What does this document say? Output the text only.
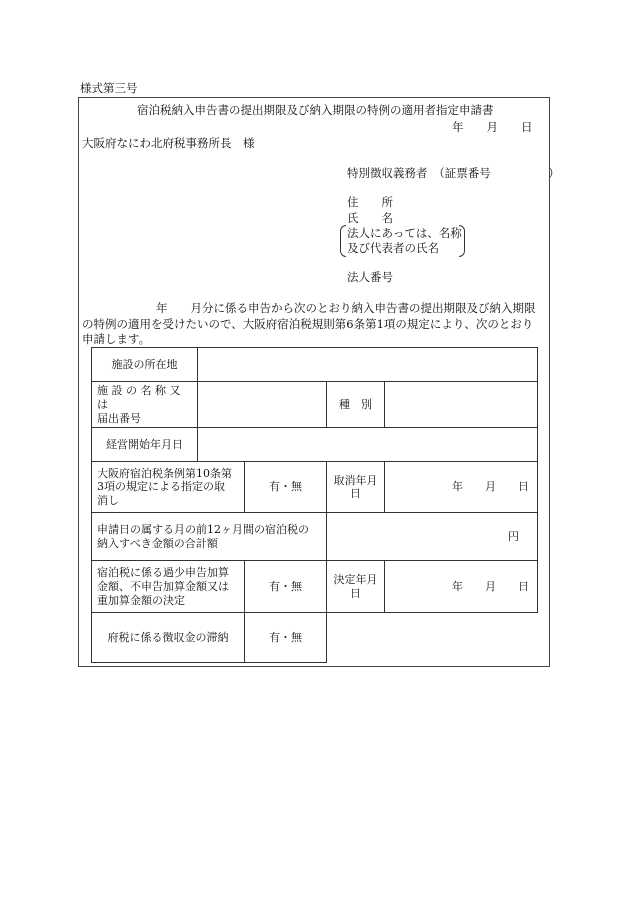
様式第三号
宿泊税納入申告書の提出期限及び納入期限の特例の適用者指定申請書
年　　月　　日
大阪府なにわ北府税事務所長　様
特別徴収義務者　（証票番号　　　　　）
住　　所
氏　　名
法人にあっては、名称
及び代表者の氏名
法人番号
年　　月分に係る申告から次のとおり納入申告書の提出期限及び納入期限
の特例の適用を受けたいので、大阪府宿泊税規則第6条第1項の規定により、次のとおり
申請します。
施設の所在地				

施 設 の 名 称 又 は
届出番号			種　別	
経営開始年月日				

大阪府宿泊税条例第10条第
3項の規定による指定の取
消し		有・無	取消年月日	年　　月　　日

申請日の属する月の前12ヶ月間の宿泊税の
納入すべき金額の合計額			円	

宿泊税に係る過少申告加算
金額、不申告加算金額又は
重加算金額の決定		有・無	決定年月日	年　　月　　日
府税に係る徴収金の滞納		有・無		
